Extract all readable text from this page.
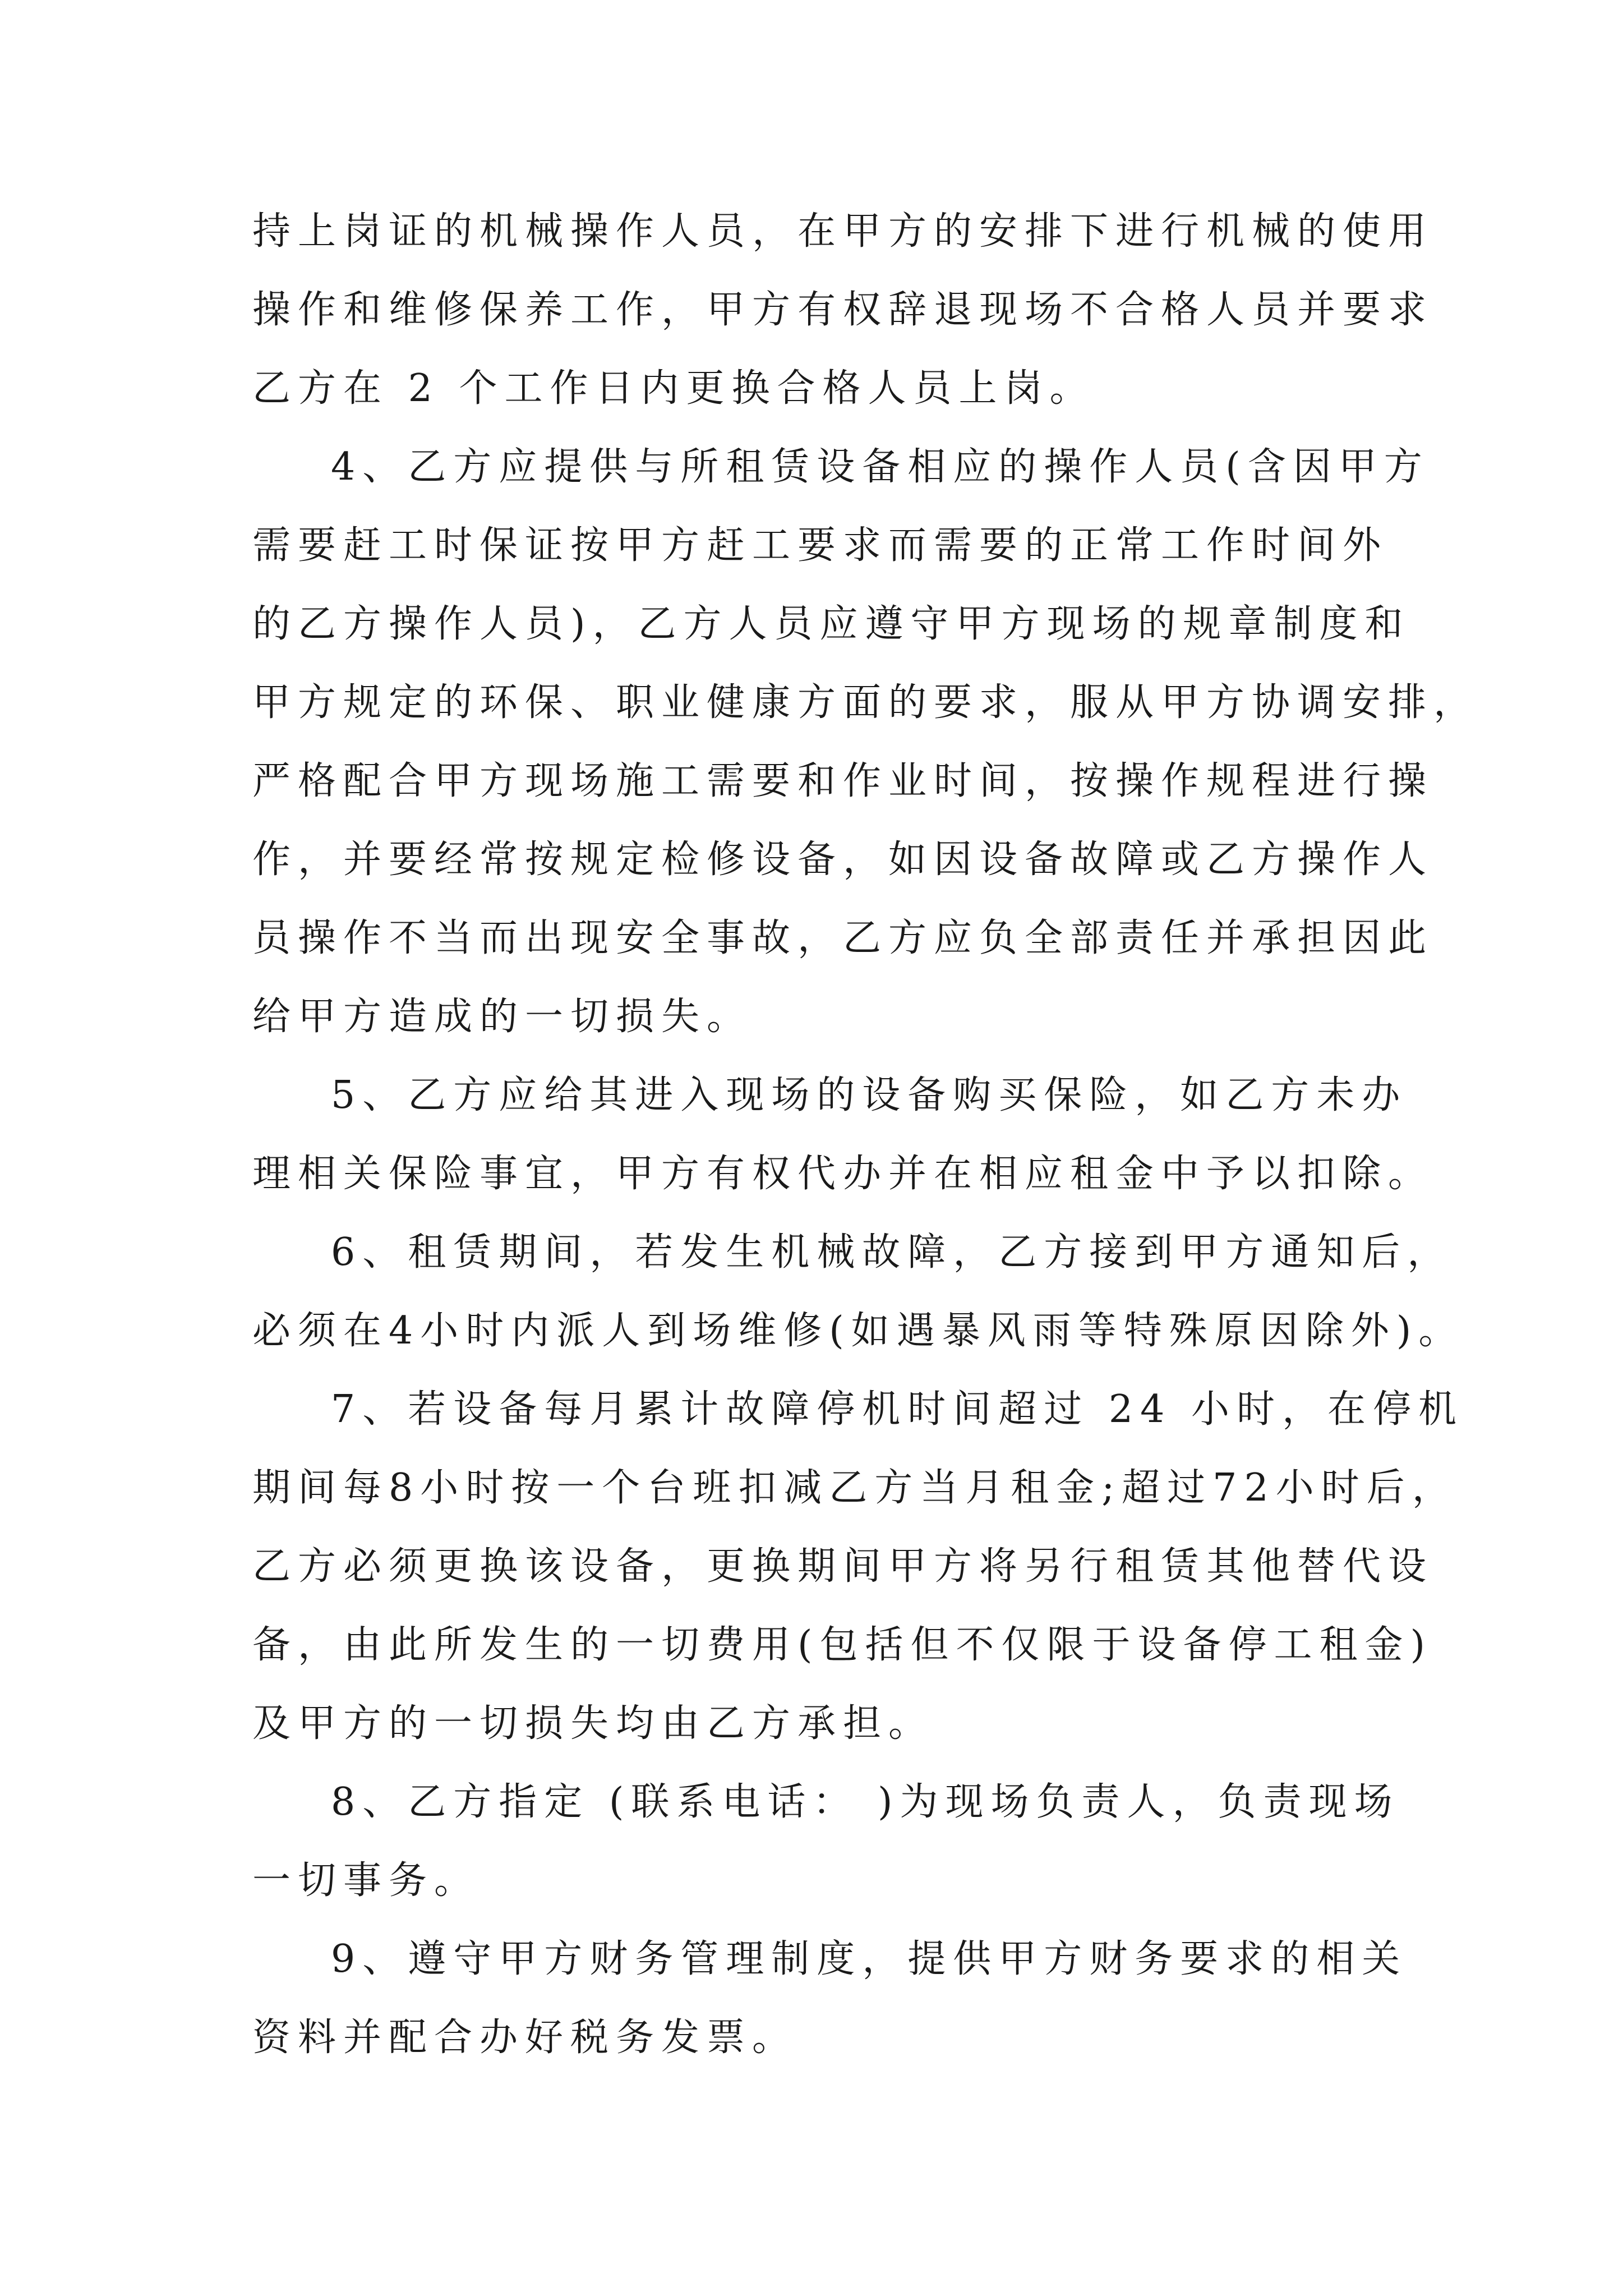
持上岗证的机械操作人员，在甲方的安排下进行机械的使用

操作和维修保养工作，甲方有权辞退现场不合格人员并要求

乙方在 2 个工作日内更换合格人员上岗。

4、乙方应提供与所租赁设备相应的操作人员(含因甲方

需要赶工时保证按甲方赶工要求而需要的正常工作时间外

的乙方操作人员)，乙方人员应遵守甲方现场的规章制度和

甲方规定的环保、职业健康方面的要求，服从甲方协调安排，

严格配合甲方现场施工需要和作业时间，按操作规程进行操

作，并要经常按规定检修设备，如因设备故障或乙方操作人

员操作不当而出现安全事故，乙方应负全部责任并承担因此

给甲方造成的一切损失。

5、乙方应给其进入现场的设备购买保险，如乙方未办

理相关保险事宜，甲方有权代办并在相应租金中予以扣除。

6、租赁期间，若发生机械故障，乙方接到甲方通知后，

必须在4小时内派人到场维修(如遇暴风雨等特殊原因除外)。

7、若设备每月累计故障停机时间超过 24 小时，在停机

期间每8小时按一个台班扣减乙方当月租金;超过72小时后，

乙方必须更换该设备，更换期间甲方将另行租赁其他替代设

备，由此所发生的一切费用(包括但不仅限于设备停工租金)

及甲方的一切损失均由乙方承担。

8、乙方指定 (联系电话： )为现场负责人，负责现场

一切事务。

9、遵守甲方财务管理制度，提供甲方财务要求的相关

资料并配合办好税务发票。
